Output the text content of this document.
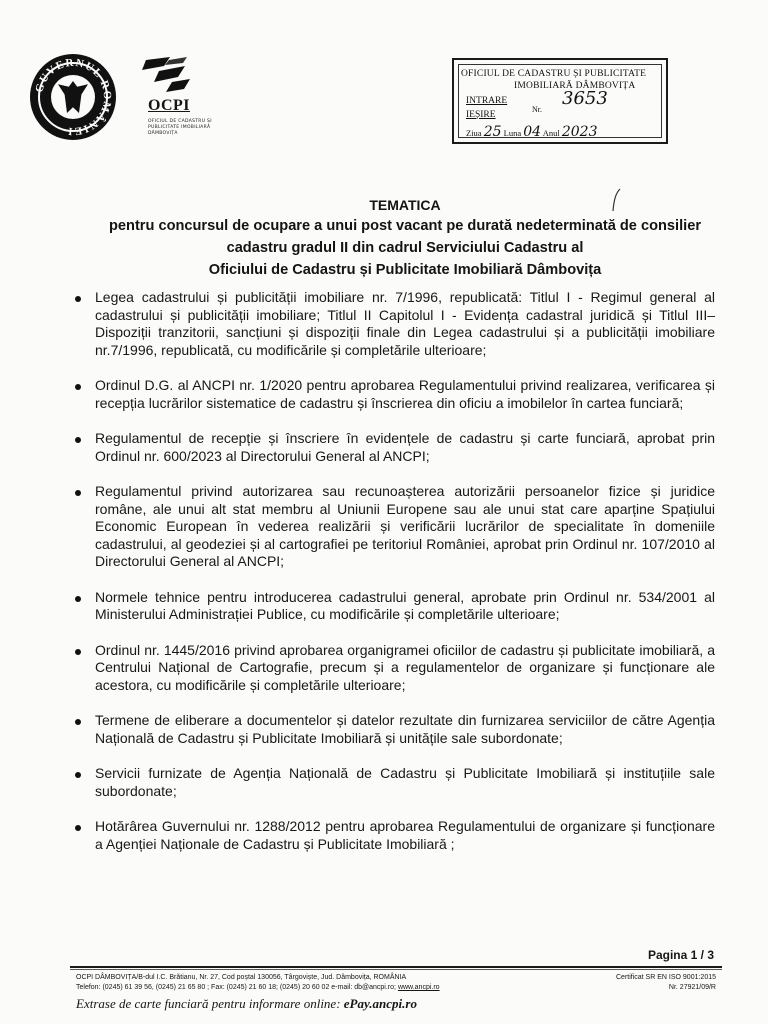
GUVERNUL ROMÂNIEI
OCPI
OFICIUL DE CADASTRU ȘI PUBLICITATE IMOBILIARĂ DÂMBOVIȚA
OFICIUL DE CADASTRU ȘI PUBLICITATE
IMOBILIARĂ DÂMBOVIȚA
INTRARE
IEȘIRE
Nr.
3653
Ziua 25 Luna 04 Anul 2023
TEMATICA
pentru concursul de ocupare a unui post vacant pe durată nedeterminată de consilier
cadastru gradul II din cadrul Serviciului Cadastru al
Oficiului de Cadastru și Publicitate Imobiliară Dâmbovița
Legea cadastrului și publicității imobiliare nr. 7/1996, republicată: Titlul I - Regimul general al cadastrului și publicității imobiliare; Titlul II Capitolul I - Evidența cadastral juridică și Titlul III– Dispoziții tranzitorii, sancțiuni și dispoziții finale din Legea cadastrului și a publicității imobiliare nr.7/1996, republicată, cu modificările și completările ulterioare;
Ordinul D.G. al ANCPI nr. 1/2020 pentru aprobarea Regulamentului privind realizarea, verificarea și recepția lucrărilor sistematice de cadastru și înscrierea din oficiu a imobilelor în cartea funciară;
Regulamentul de recepție și înscriere în evidențele de cadastru și carte funciară, aprobat prin Ordinul nr. 600/2023 al Directorului General al ANCPI;
Regulamentul privind autorizarea sau recunoașterea autorizării persoanelor fizice și juridice române, ale unui alt stat membru al Uniunii Europene sau ale unui stat care aparține Spațiului Economic European în vederea realizării și verificării lucrărilor de specialitate în domeniile cadastrului, al geodeziei și al cartografiei pe teritoriul României, aprobat prin Ordinul nr. 107/2010 al Directorului General al ANCPI;
Normele tehnice pentru introducerea cadastrului general, aprobate prin Ordinul nr. 534/2001 al Ministerului Administrației Publice, cu modificările și completările ulterioare;
Ordinul nr. 1445/2016 privind aprobarea organigramei oficiilor de cadastru și publicitate imobiliară, a Centrului Național de Cartografie, precum și a regulamentelor de organizare și funcționare ale acestora, cu modificările și completările ulterioare;
Termene de eliberare a documentelor și datelor rezultate din furnizarea serviciilor de către Agenția Națională de Cadastru și Publicitate Imobiliară și unitățile sale subordonate;
Servicii furnizate de Agenția Națională de Cadastru și Publicitate Imobiliară și instituțiile sale subordonate;
Hotărârea Guvernului nr. 1288/2012 pentru aprobarea Regulamentului de organizare și funcționare a Agenției Naționale de Cadastru și Publicitate Imobiliară ;
Pagina 1 / 3
OCPI DÂMBOVIȚA/B-dul I.C. Brătianu, Nr. 27, Cod poștal 130056, Târgoviște, Jud. Dâmbovița, ROMÂNIA	Certificat SR EN ISO 9001:2015
Telefon: (0245) 61 39 56, (0245) 21 65 80 ; Fax: (0245) 21 60 18; (0245) 20 60 02 e-mail: db@ancpi.ro; www.ancpi.ro	Nr. 27921/09/R
Extrase de carte funciară pentru informare online: ePay.ancpi.ro
